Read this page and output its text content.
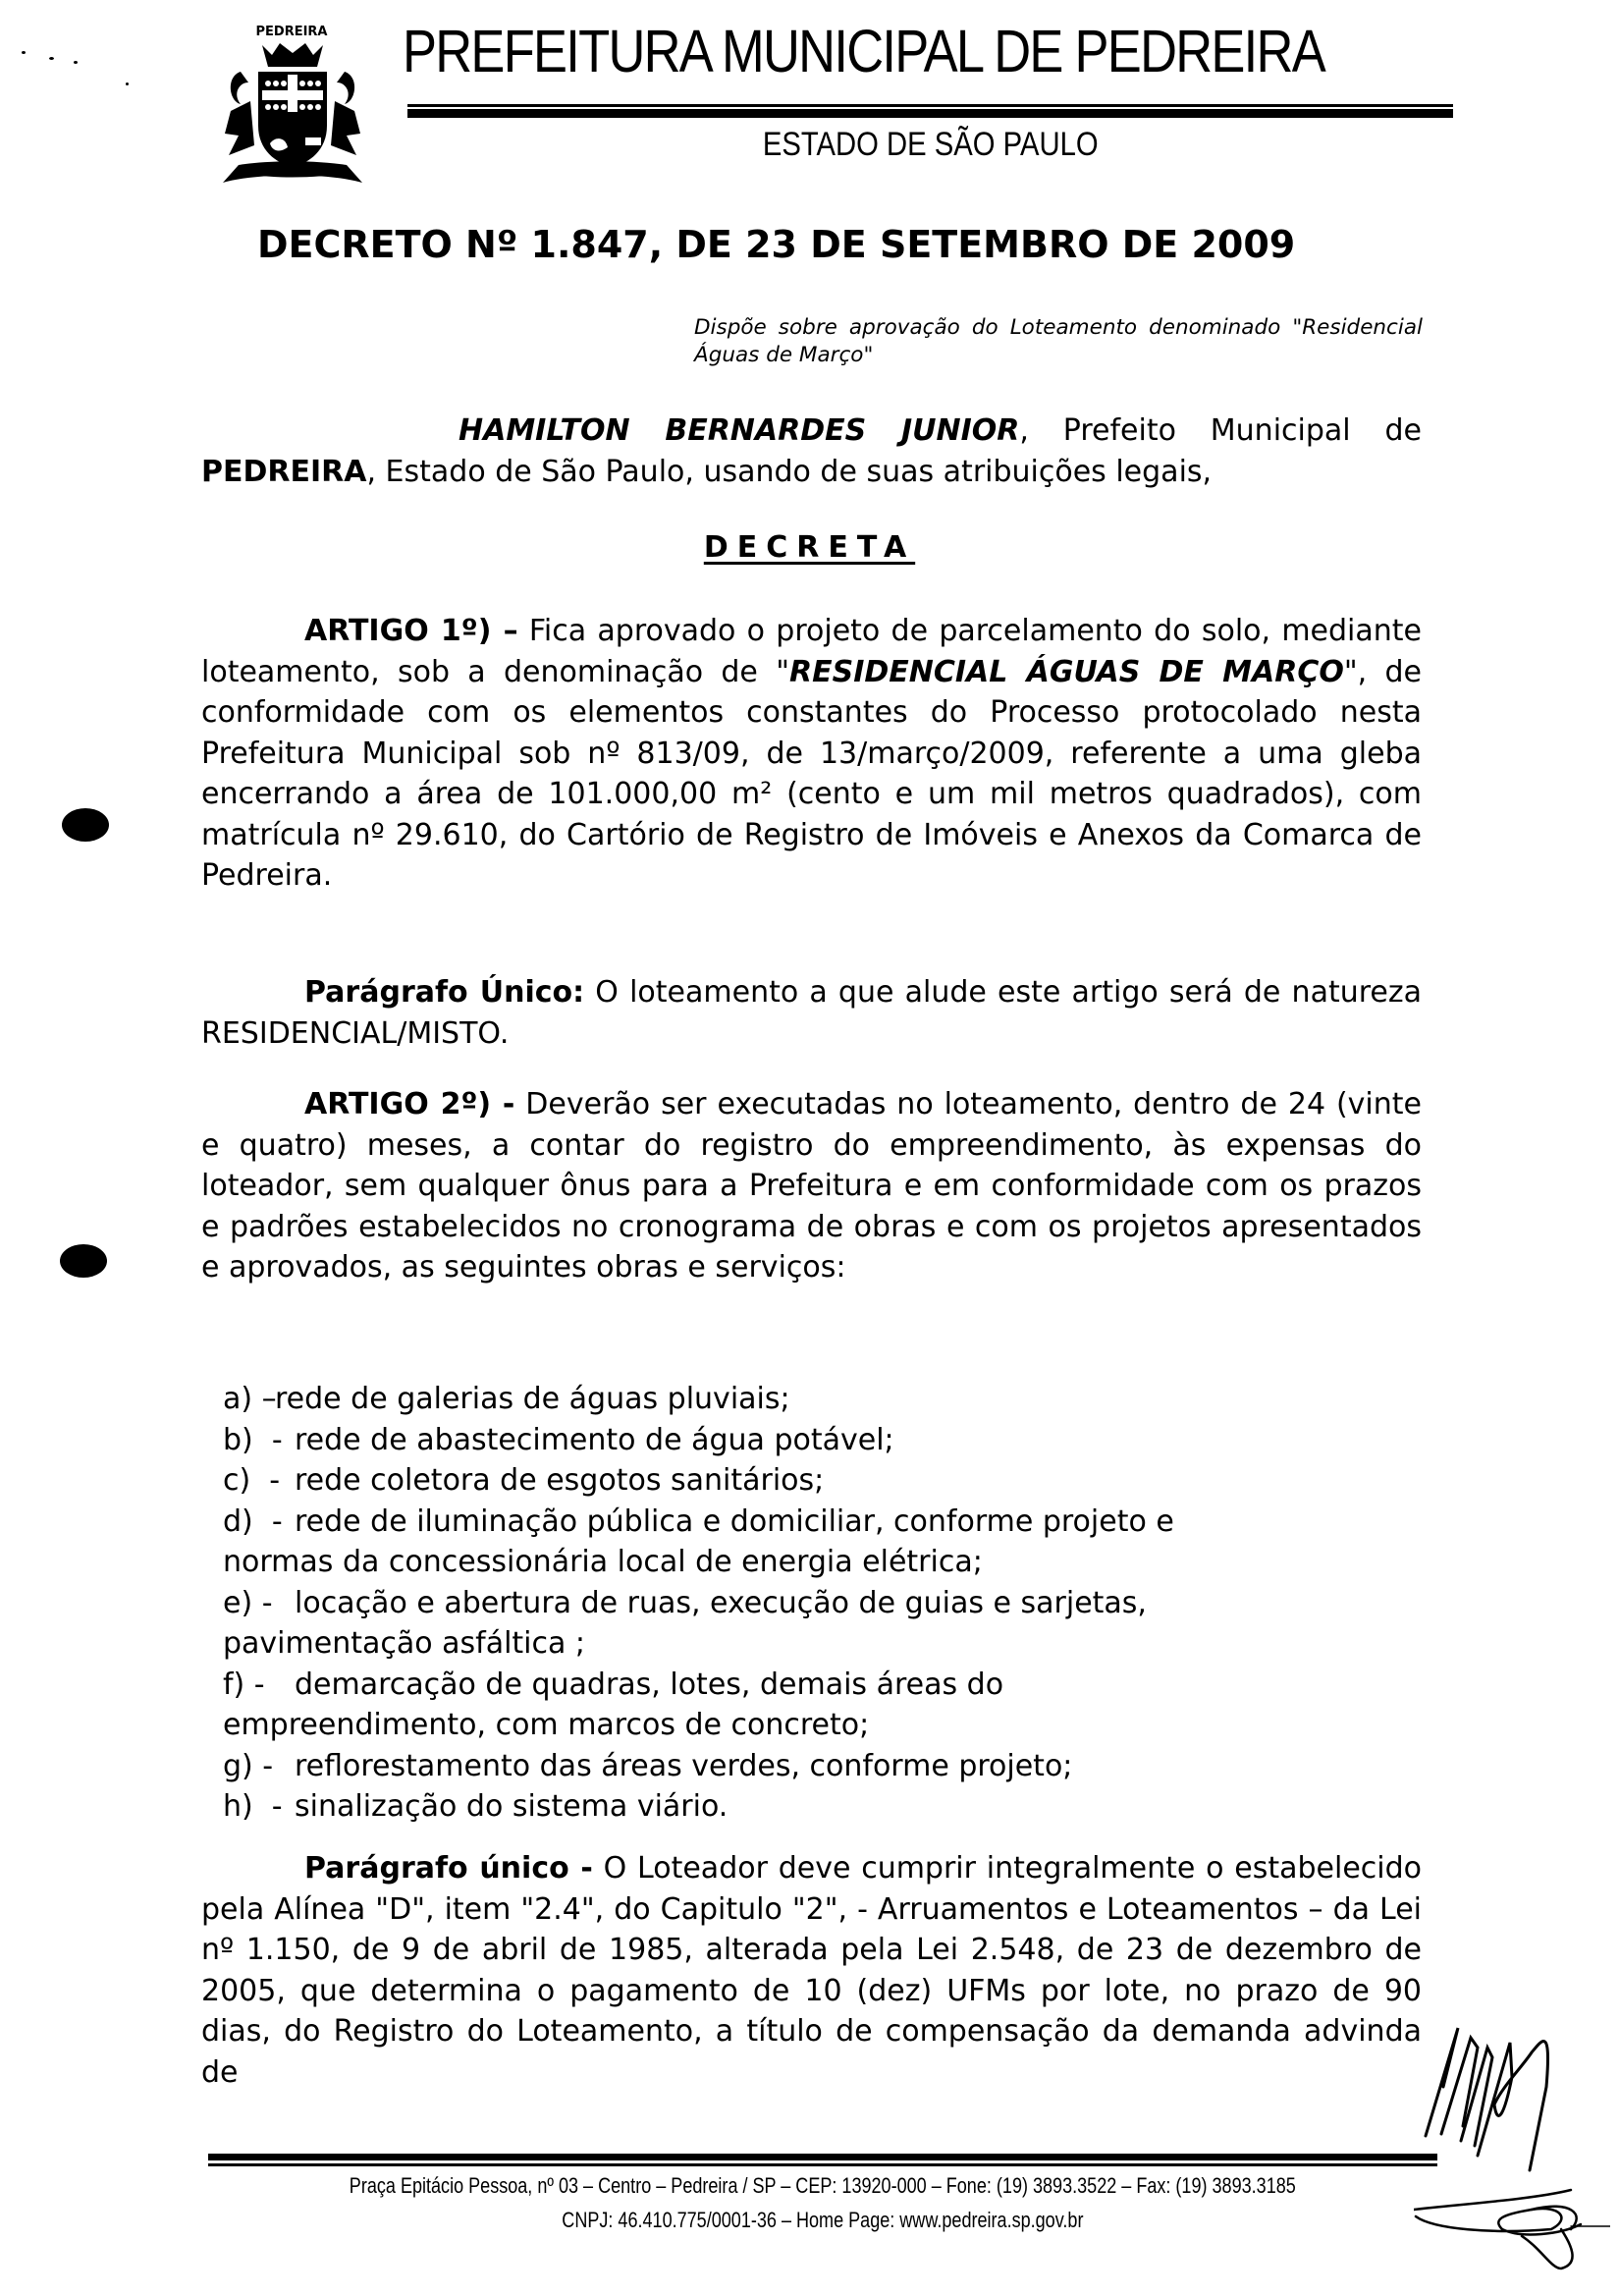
PEDREIRA PREFEITURA MUNICIPAL DE PEDREIRA
ESTADO DE SÃO PAULO
DECRETO Nº 1.847, DE 23 DE SETEMBRO DE 2009
Dispõe sobre aprovação do Loteamento denominado "Residencial Águas de Março"
HAMILTON BERNARDES JUNIOR, Prefeito Municipal de PEDREIRA, Estado de São Paulo, usando de suas atribuições legais,
DECRETA
ARTIGO 1º) – Fica aprovado o projeto de parcelamento do solo, mediante loteamento, sob a denominação de "RESIDENCIAL ÁGUAS DE MARÇO", de conformidade com os elementos constantes do Processo protocolado nesta Prefeitura Municipal sob nº 813/09, de 13/março/2009, referente a uma gleba encerrando a área de 101.000,00 m² (cento e um mil metros quadrados), com matrícula nº 29.610, do Cartório de Registro de Imóveis e Anexos da Comarca de Pedreira.
Parágrafo Único: O loteamento a que alude este artigo será de natureza RESIDENCIAL/MISTO.
ARTIGO 2º) - Deverão ser executadas no loteamento, dentro de 24 (vinte e quatro) meses, a contar do registro do empreendimento, às expensas do loteador, sem qualquer ônus para a Prefeitura e em conformidade com os prazos e padrões estabelecidos no cronograma de obras e com os projetos apresentados e aprovados, as seguintes obras e serviços:
a) –
rede de galerias de águas pluviais;
b)  - rede de abastecimento de água potável;
c)  - rede coletora de esgotos sanitários;
d)  - rede de iluminação pública e domiciliar, conforme projeto e
normas da concessionária local de energia elétrica;
e) - locação e abertura de ruas, execução de guias e sarjetas,
pavimentação asfáltica ;
f) -	demarcação de quadras, lotes, demais áreas do
empreendimento, com marcos de concreto;
g) - reflorestamento das áreas verdes, conforme projeto;
h)  - sinalização do sistema viário.
Parágrafo único - O Loteador deve cumprir integralmente o estabelecido pela Alínea "D", item "2.4", do Capitulo "2", - Arruamentos e Loteamentos – da Lei nº 1.150, de 9 de abril de 1985, alterada pela Lei 2.548, de 23 de dezembro de 2005, que determina o pagamento de 10 (dez) UFMs por lote, no prazo de 90 dias, do Registro do Loteamento, a título de compensação da demanda advinda de
Praça Epitácio Pessoa, nº 03 – Centro – Pedreira / SP – CEP: 13920-000 – Fone: (19) 3893.3522 – Fax: (19) 3893.3185
CNPJ: 46.410.775/0001-36 – Home Page: www.pedreira.sp.gov.br
